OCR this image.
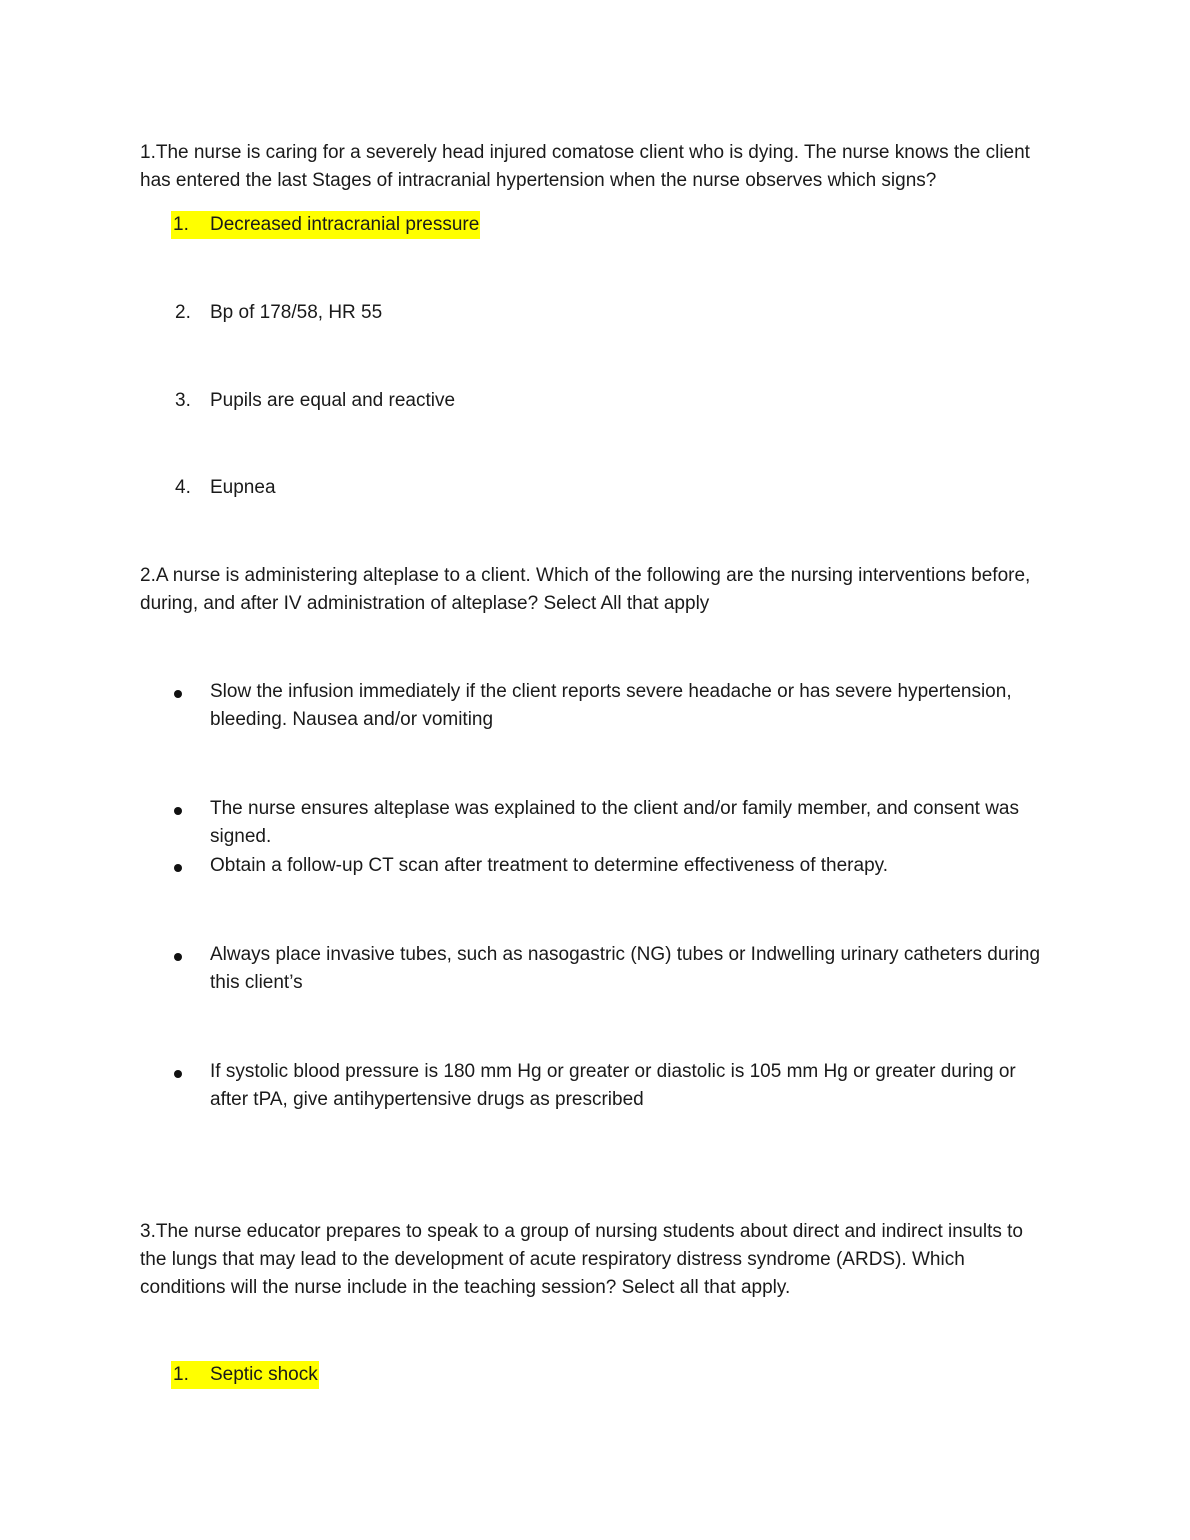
1.The nurse is caring for a severely head injured comatose client who is dying. The nurse knows the client has entered the last Stages of intracranial hypertension when the nurse observes which signs?
1. Decreased intracranial pressure
2.	Bp of 178/58, HR 55
3.	Pupils are equal and reactive
4.	Eupnea
2.A nurse is administering alteplase to a client. Which of the following are the nursing interventions before, during, and after IV administration of alteplase? Select All that apply
Slow the infusion immediately if the client reports severe headache or has severe hypertension, bleeding. Nausea and/or vomiting
The nurse ensures alteplase was explained to the client and/or family member, and consent was signed.
Obtain a follow-up CT scan after treatment to determine effectiveness of therapy.
Always place invasive tubes, such as nasogastric (NG) tubes or Indwelling urinary catheters during this client’s
If systolic blood pressure is 180 mm Hg or greater or diastolic is 105 mm Hg or greater during or after tPA, give antihypertensive drugs as prescribed
3.The nurse educator prepares to speak to a group of nursing students about direct and indirect insults to the lungs that may lead to the development of acute respiratory distress syndrome (ARDS). Which conditions will the nurse include in the teaching session? Select all that apply.
1. Septic shock
